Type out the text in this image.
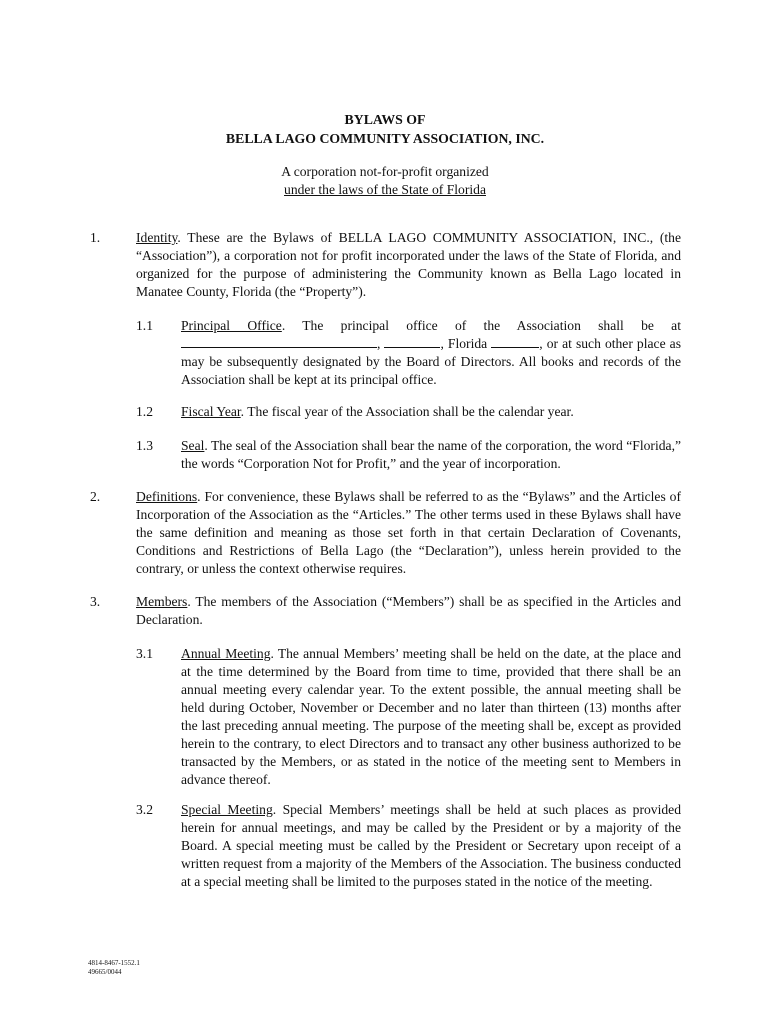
BYLAWS OF
BELLA LAGO COMMUNITY ASSOCIATION, INC.
A corporation not-for-profit organized
under the laws of the State of Florida
1.	Identity. These are the Bylaws of BELLA LAGO COMMUNITY ASSOCIATION, INC., (the “Association”), a corporation not for profit incorporated under the laws of the State of Florida, and organized for the purpose of administering the Community known as Bella Lago located in Manatee County, Florida (the “Property”).
1.1 Principal Office. The principal office of the Association shall be at ,	, Florida	, or at such other place as may be subsequently designated by the Board of Directors. All books and records of the Association shall be kept at its principal office.
1.2 Fiscal Year. The fiscal year of the Association shall be the calendar year.
1.3 Seal. The seal of the Association shall bear the name of the corporation, the word “Florida,” the words “Corporation Not for Profit,” and the year of incorporation.
2.	Definitions. For convenience, these Bylaws shall be referred to as the “Bylaws” and the Articles of Incorporation of the Association as the “Articles.” The other terms used in these Bylaws shall have the same definition and meaning as those set forth in that certain Declaration of Covenants, Conditions and Restrictions of Bella Lago (the “Declaration”), unless herein provided to the contrary, or unless the context otherwise requires.
3.	Members. The members of the Association (“Members”) shall be as specified in the Articles and Declaration.
3.1 Annual Meeting. The annual Members’ meeting shall be held on the date, at the place and at the time determined by the Board from time to time, provided that there shall be an annual meeting every calendar year. To the extent possible, the annual meeting shall be held during October, November or December and no later than thirteen (13) months after the last preceding annual meeting. The purpose of the meeting shall be, except as provided herein to the contrary, to elect Directors and to transact any other business authorized to be transacted by the Members, or as stated in the notice of the meeting sent to Members in advance thereof.
3.2 Special Meeting. Special Members’ meetings shall be held at such places as provided herein for annual meetings, and may be called by the President or by a majority of the Board. A special meeting must be called by the President or Secretary upon receipt of a written request from a majority of the Members of the Association. The business conducted at a special meeting shall be limited to the purposes stated in the notice of the meeting.
4814-8467-1552.1
49665/0044
